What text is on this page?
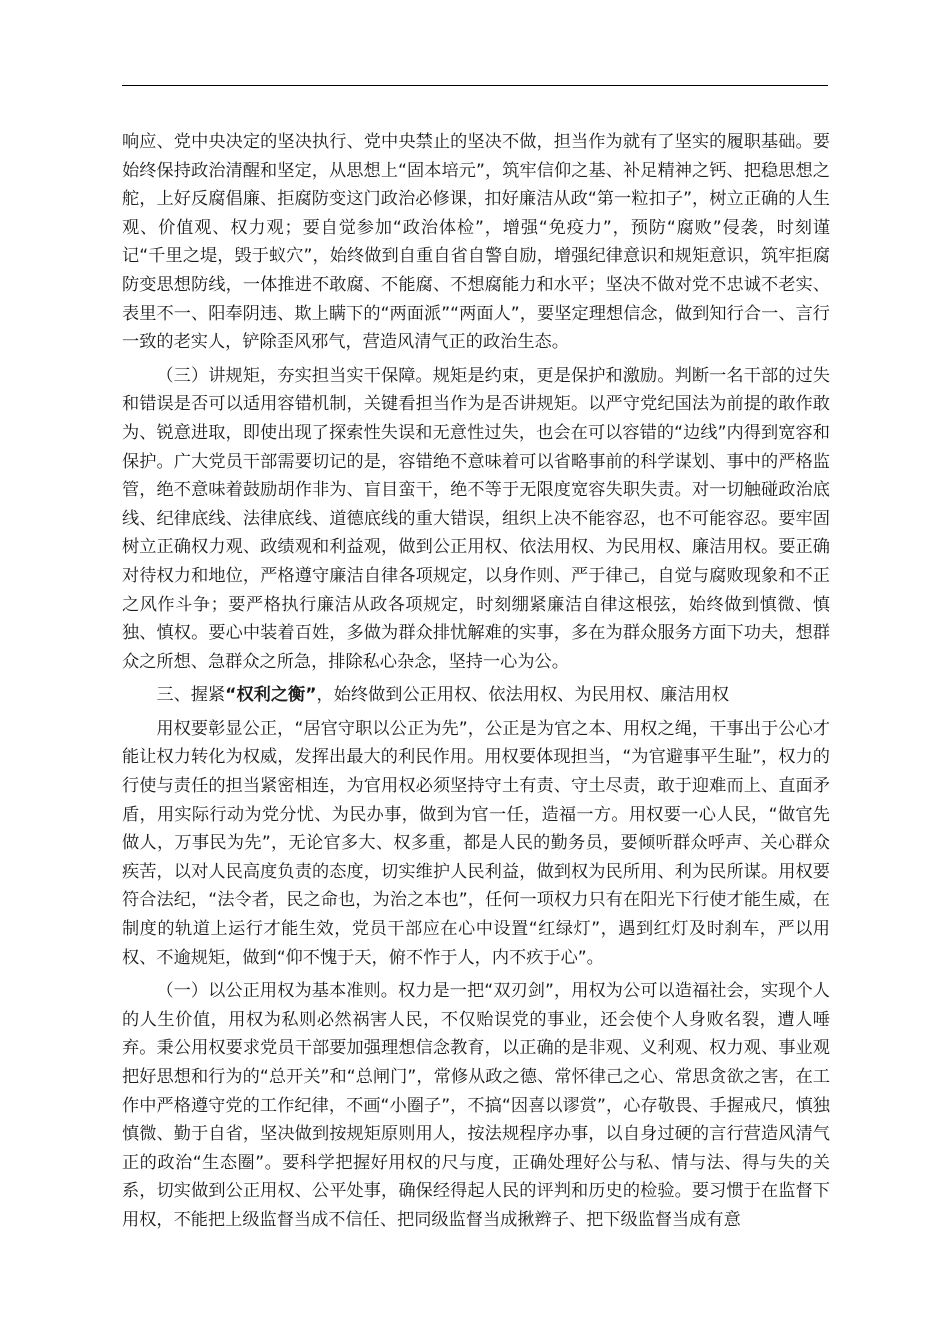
响应、党中央决定的坚决执行、党中央禁止的坚决不做，担当作为就有了坚实的履职基础。要始终保持政治清醒和坚定，从思想上“固本培元”，筑牢信仰之基、补足精神之钙、把稳思想之舵，上好反腐倡廉、拒腐防变这门政治必修课，扣好廉洁从政“第一粒扣子”，树立正确的人生观、价值观、权力观；要自觉参加“政治体检”，增强“免疫力”，预防“腐败”侵袭，时刻谨记“千里之堤，毁于蚁穴”，始终做到自重自省自警自励，增强纪律意识和规矩意识，筑牢拒腐防变思想防线，一体推进不敢腐、不能腐、不想腐能力和水平；坚决不做对党不忠诚不老实、表里不一、阳奉阴违、欺上瞒下的“两面派”“两面人”，要坚定理想信念，做到知行合一、言行一致的老实人，铲除歪风邪气，营造风清气正的政治生态。

（三）讲规矩，夯实担当实干保障。规矩是约束，更是保护和激励。判断一名干部的过失和错误是否可以适用容错机制，关键看担当作为是否讲规矩。以严守党纪国法为前提的敢作敢为、锐意进取，即使出现了探索性失误和无意性过失，也会在可以容错的“边线”内得到宽容和保护。广大党员干部需要切记的是，容错绝不意味着可以省略事前的科学谋划、事中的严格监管，绝不意味着鼓励胡作非为、盲目蛮干，绝不等于无限度宽容失职失责。对一切触碰政治底线、纪律底线、法律底线、道德底线的重大错误，组织上决不能容忍，也不可能容忍。要牢固树立正确权力观、政绩观和利益观，做到公正用权、依法用权、为民用权、廉洁用权。要正确对待权力和地位，严格遵守廉洁自律各项规定，以身作则、严于律己，自觉与腐败现象和不正之风作斗争；要严格执行廉洁从政各项规定，时刻绷紧廉洁自律这根弦，始终做到慎微、慎独、慎权。要心中装着百姓，多做为群众排忧解难的实事，多在为群众服务方面下功夫，想群众之所想、急群众之所急，排除私心杂念，坚持一心为公。

三、握紧“权利之衡”，始终做到公正用权、依法用权、为民用权、廉洁用权

用权要彰显公正，“居官守职以公正为先”，公正是为官之本、用权之绳，干事出于公心才能让权力转化为权威，发挥出最大的利民作用。用权要体现担当，“为官避事平生耻”，权力的行使与责任的担当紧密相连，为官用权必须坚持守土有责、守土尽责，敢于迎难而上、直面矛盾，用实际行动为党分忧、为民办事，做到为官一任，造福一方。用权要一心人民，“做官先做人，万事民为先”，无论官多大、权多重，都是人民的勤务员，要倾听群众呼声、关心群众疾苦，以对人民高度负责的态度，切实维护人民利益，做到权为民所用、利为民所谋。用权要符合法纪，“法令者，民之命也，为治之本也”，任何一项权力只有在阳光下行使才能生威，在制度的轨道上运行才能生效，党员干部应在心中设置“红绿灯”，遇到红灯及时刹车，严以用权、不逾规矩，做到“仰不愧于天，俯不怍于人，内不疚于心”。

（一）以公正用权为基本准则。权力是一把“双刃剑”，用权为公可以造福社会，实现个人的人生价值，用权为私则必然祸害人民，不仅贻误党的事业，还会使个人身败名裂，遭人唾弃。秉公用权要求党员干部要加强理想信念教育，以正确的是非观、义利观、权力观、事业观把好思想和行为的“总开关”和“总闸门”，常修从政之德、常怀律己之心、常思贪欲之害，在工作中严格遵守党的工作纪律，不画“小圈子”，不搞“因喜以谬赏”，心存敬畏、手握戒尺，慎独慎微、勤于自省，坚决做到按规矩原则用人，按法规程序办事，以自身过硬的言行营造风清气正的政治“生态圈”。要科学把握好用权的尺与度，正确处理好公与私、情与法、得与失的关系，切实做到公正用权、公平处事，确保经得起人民的评判和历史的检验。要习惯于在监督下用权，不能把上级监督当成不信任、把同级监督当成揪辫子、把下级监督当成有意
